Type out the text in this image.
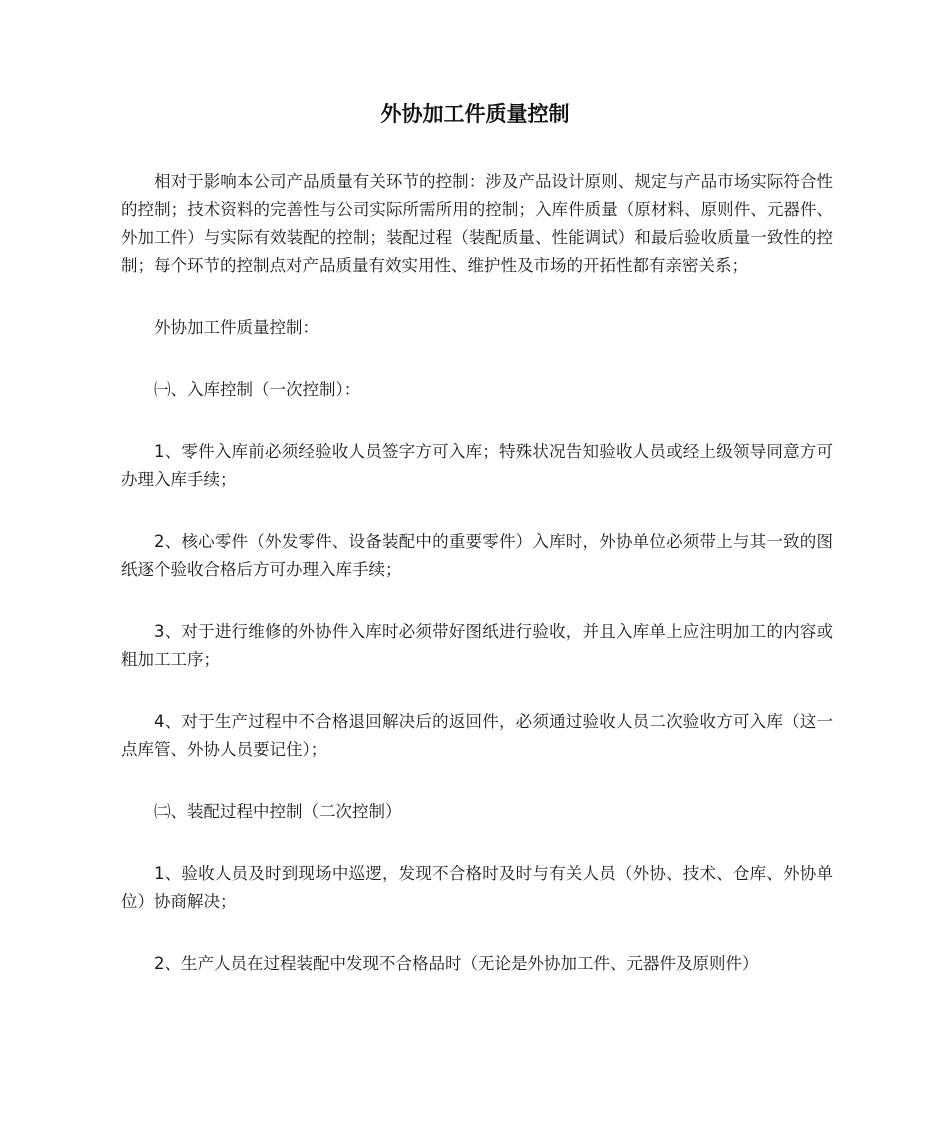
外协加工件质量控制

相对于影响本公司产品质量有关环节的控制：涉及产品设计原则、规定与产品市场实际符合性的控制；技术资料的完善性与公司实际所需所用的控制；入库件质量（原材料、原则件、元器件、外加工件）与实际有效装配的控制；装配过程（装配质量、性能调试）和最后验收质量一致性的控制；每个环节的控制点对产品质量有效实用性、维护性及市场的开拓性都有亲密关系；

外协加工件质量控制：

㈠、入库控制（一次控制）：

1、零件入库前必须经验收人员签字方可入库；特殊状况告知验收人员或经上级领导同意方可办理入库手续；

2、核心零件（外发零件、设备装配中的重要零件）入库时，外协单位必须带上与其一致的图纸逐个验收合格后方可办理入库手续；

3、对于进行维修的外协件入库时必须带好图纸进行验收，并且入库单上应注明加工的内容或粗加工工序；

4、对于生产过程中不合格退回解决后的返回件，必须通过验收人员二次验收方可入库（这一点库管、外协人员要记住）；

㈡、装配过程中控制（二次控制）

1、验收人员及时到现场中巡逻，发现不合格时及时与有关人员（外协、技术、仓库、外协单位）协商解决；

2、生产人员在过程装配中发现不合格品时（无论是外协加工件、元器件及原则件）
